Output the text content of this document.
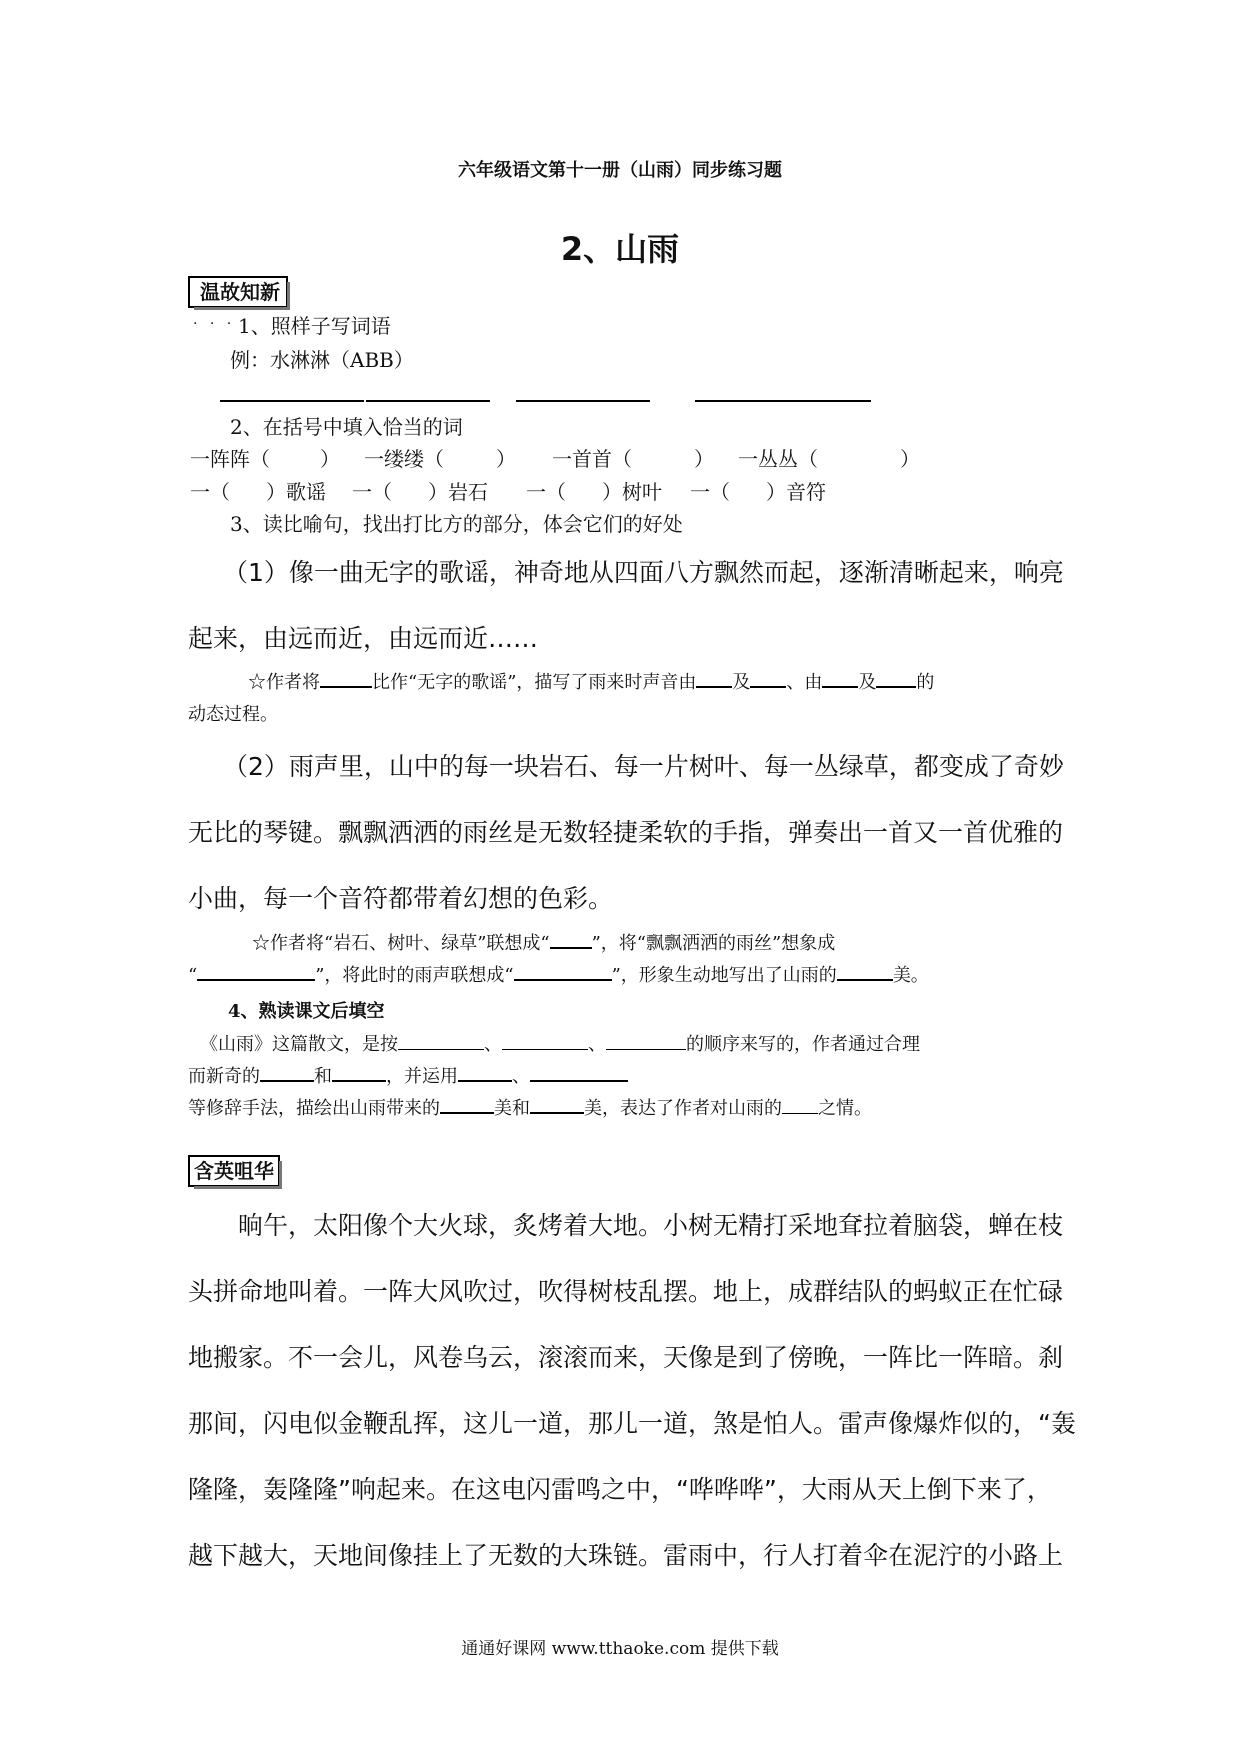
六年级语文第十一册（山雨）同步练习题
2、山雨
温故知新
. . . 1、照样子写词语
例：水淋淋（ABB）
2、在括号中填入恰当的词
一阵阵（	） 一缕缕（	） 一首首（	） 一丛丛（	）
一（ ）歌谣 一（ ）岩石 一（ ）树叶 一（ ）音符
3、读比喻句，找出打比方的部分，体会它们的好处
（1）像一曲无字的歌谣，神奇地从四面八方飘然而起，逐渐清晰起来，响亮
起来，由远而近，由远而近……
☆作者将	比作“无字的歌谣”，描写了雨来时声音由 及 、由 及 的
动态过程。
（2）雨声里，山中的每一块岩石、每一片树叶、每一丛绿草，都变成了奇妙
无比的琴键。飘飘洒洒的雨丝是无数轻捷柔软的手指，弹奏出一首又一首优雅的
小曲，每一个音符都带着幻想的色彩。
☆作者将“岩石、树叶、绿草”联想成“ ”，将“飘飘洒洒的雨丝”想象成
“	”，将此时的雨声联想成“	”，形象生动地写出了山雨的	美。
4、熟读课文后填空
《山雨》这篇散文，是按	、	、	的顺序来写的，作者通过合理
而新奇的	和	，并运用	、
等修辞手法，描绘出山雨带来的	美和	美，表达了作者对山雨的 之情。
含英咀华
晌午，太阳像个大火球，炙烤着大地。小树无精打采地耷拉着脑袋，蝉在枝
头拼命地叫着。一阵大风吹过，吹得树枝乱摆。地上，成群结队的蚂蚁正在忙碌
地搬家。不一会儿，风卷乌云，滚滚而来，天像是到了傍晚，一阵比一阵暗。刹
那间，闪电似金鞭乱挥，这儿一道，那儿一道，煞是怕人。雷声像爆炸似的，“轰
隆隆，轰隆隆”响起来。在这电闪雷鸣之中，“哗哗哗”，大雨从天上倒下来了，
越下越大，天地间像挂上了无数的大珠链。雷雨中，行人打着伞在泥泞的小路上
通通好课网 www.tthaoke.com 提供下载
